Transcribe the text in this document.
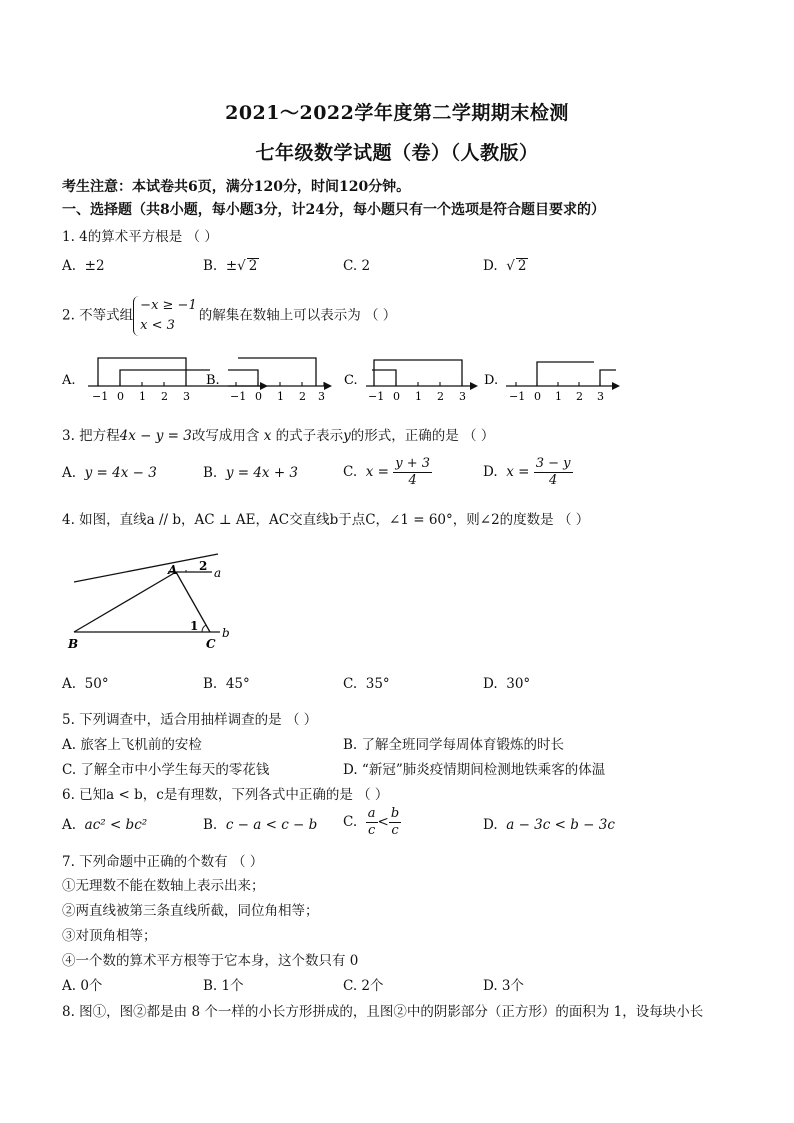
2021～2022学年度第二学期期末检测
七年级数学试题（卷）（人教版）
考生注意：本试卷共6页，满分120分，时间120分钟。
一、选择题（共8小题，每小题3分，计24分，每小题只有一个选项是符合题目要求的）
1. 4的算术平方根是 （ ）
A. ±2	B. ±√ 2	C. 2	D.  √ 2
2. 不等式组
−x ≥ −1
x < 3
的解集在数轴上可以表示为 （ ）
A.
−1 0 1 2 3
B.
−1 0 1 2 3
C.
−1 0 1 2 3
D.
−1 0 1 2 3
3. 把方程4x − y = 3改写成用含 x 的式子表示y的形式，正确的是 （ ）
A. y = 4x − 3	B. y = 4x + 3	C. $x = \frac{y + 3}{4}$	D. $x = \frac{3 - y}{4}$
4. 如图，直线a // b，AC ⊥ AE，AC交直线b于点C，∠1 = 60°，则∠2的度数是 （ ）
A
B	C
a
b
1
2
A. 50°	B. 45°	C. 35°	D. 30°
5. 下列调查中，适合用抽样调查的是 （ ）
A. 旅客上飞机前的安检	B. 了解全班同学每周体育锻炼的时长
C. 了解全市中小学生每天的零花钱	D. “新冠”肺炎疫情期间检测地铁乘客的体温
6. 已知a < b，c是有理数，下列各式中正确的是 （ ）
A. ac² < bc²	B. c − a < c − b C. $\frac{a}{c} < \frac{b}{c}$	D. a − 3c < b − 3c
7. 下列命题中正确的个数有 （ ）
①无理数不能在数轴上表示出来；
②两直线被第三条直线所截，同位角相等；
③对顶角相等；
④一个数的算术平方根等于它本身，这个数只有 0
A. 0个	B. 1个	C. 2个	D. 3个
8. 图①，图②都是由 8 个一样的小长方形拼成的，且图②中的阴影部分（正方形）的面积为 1，设每块小长
